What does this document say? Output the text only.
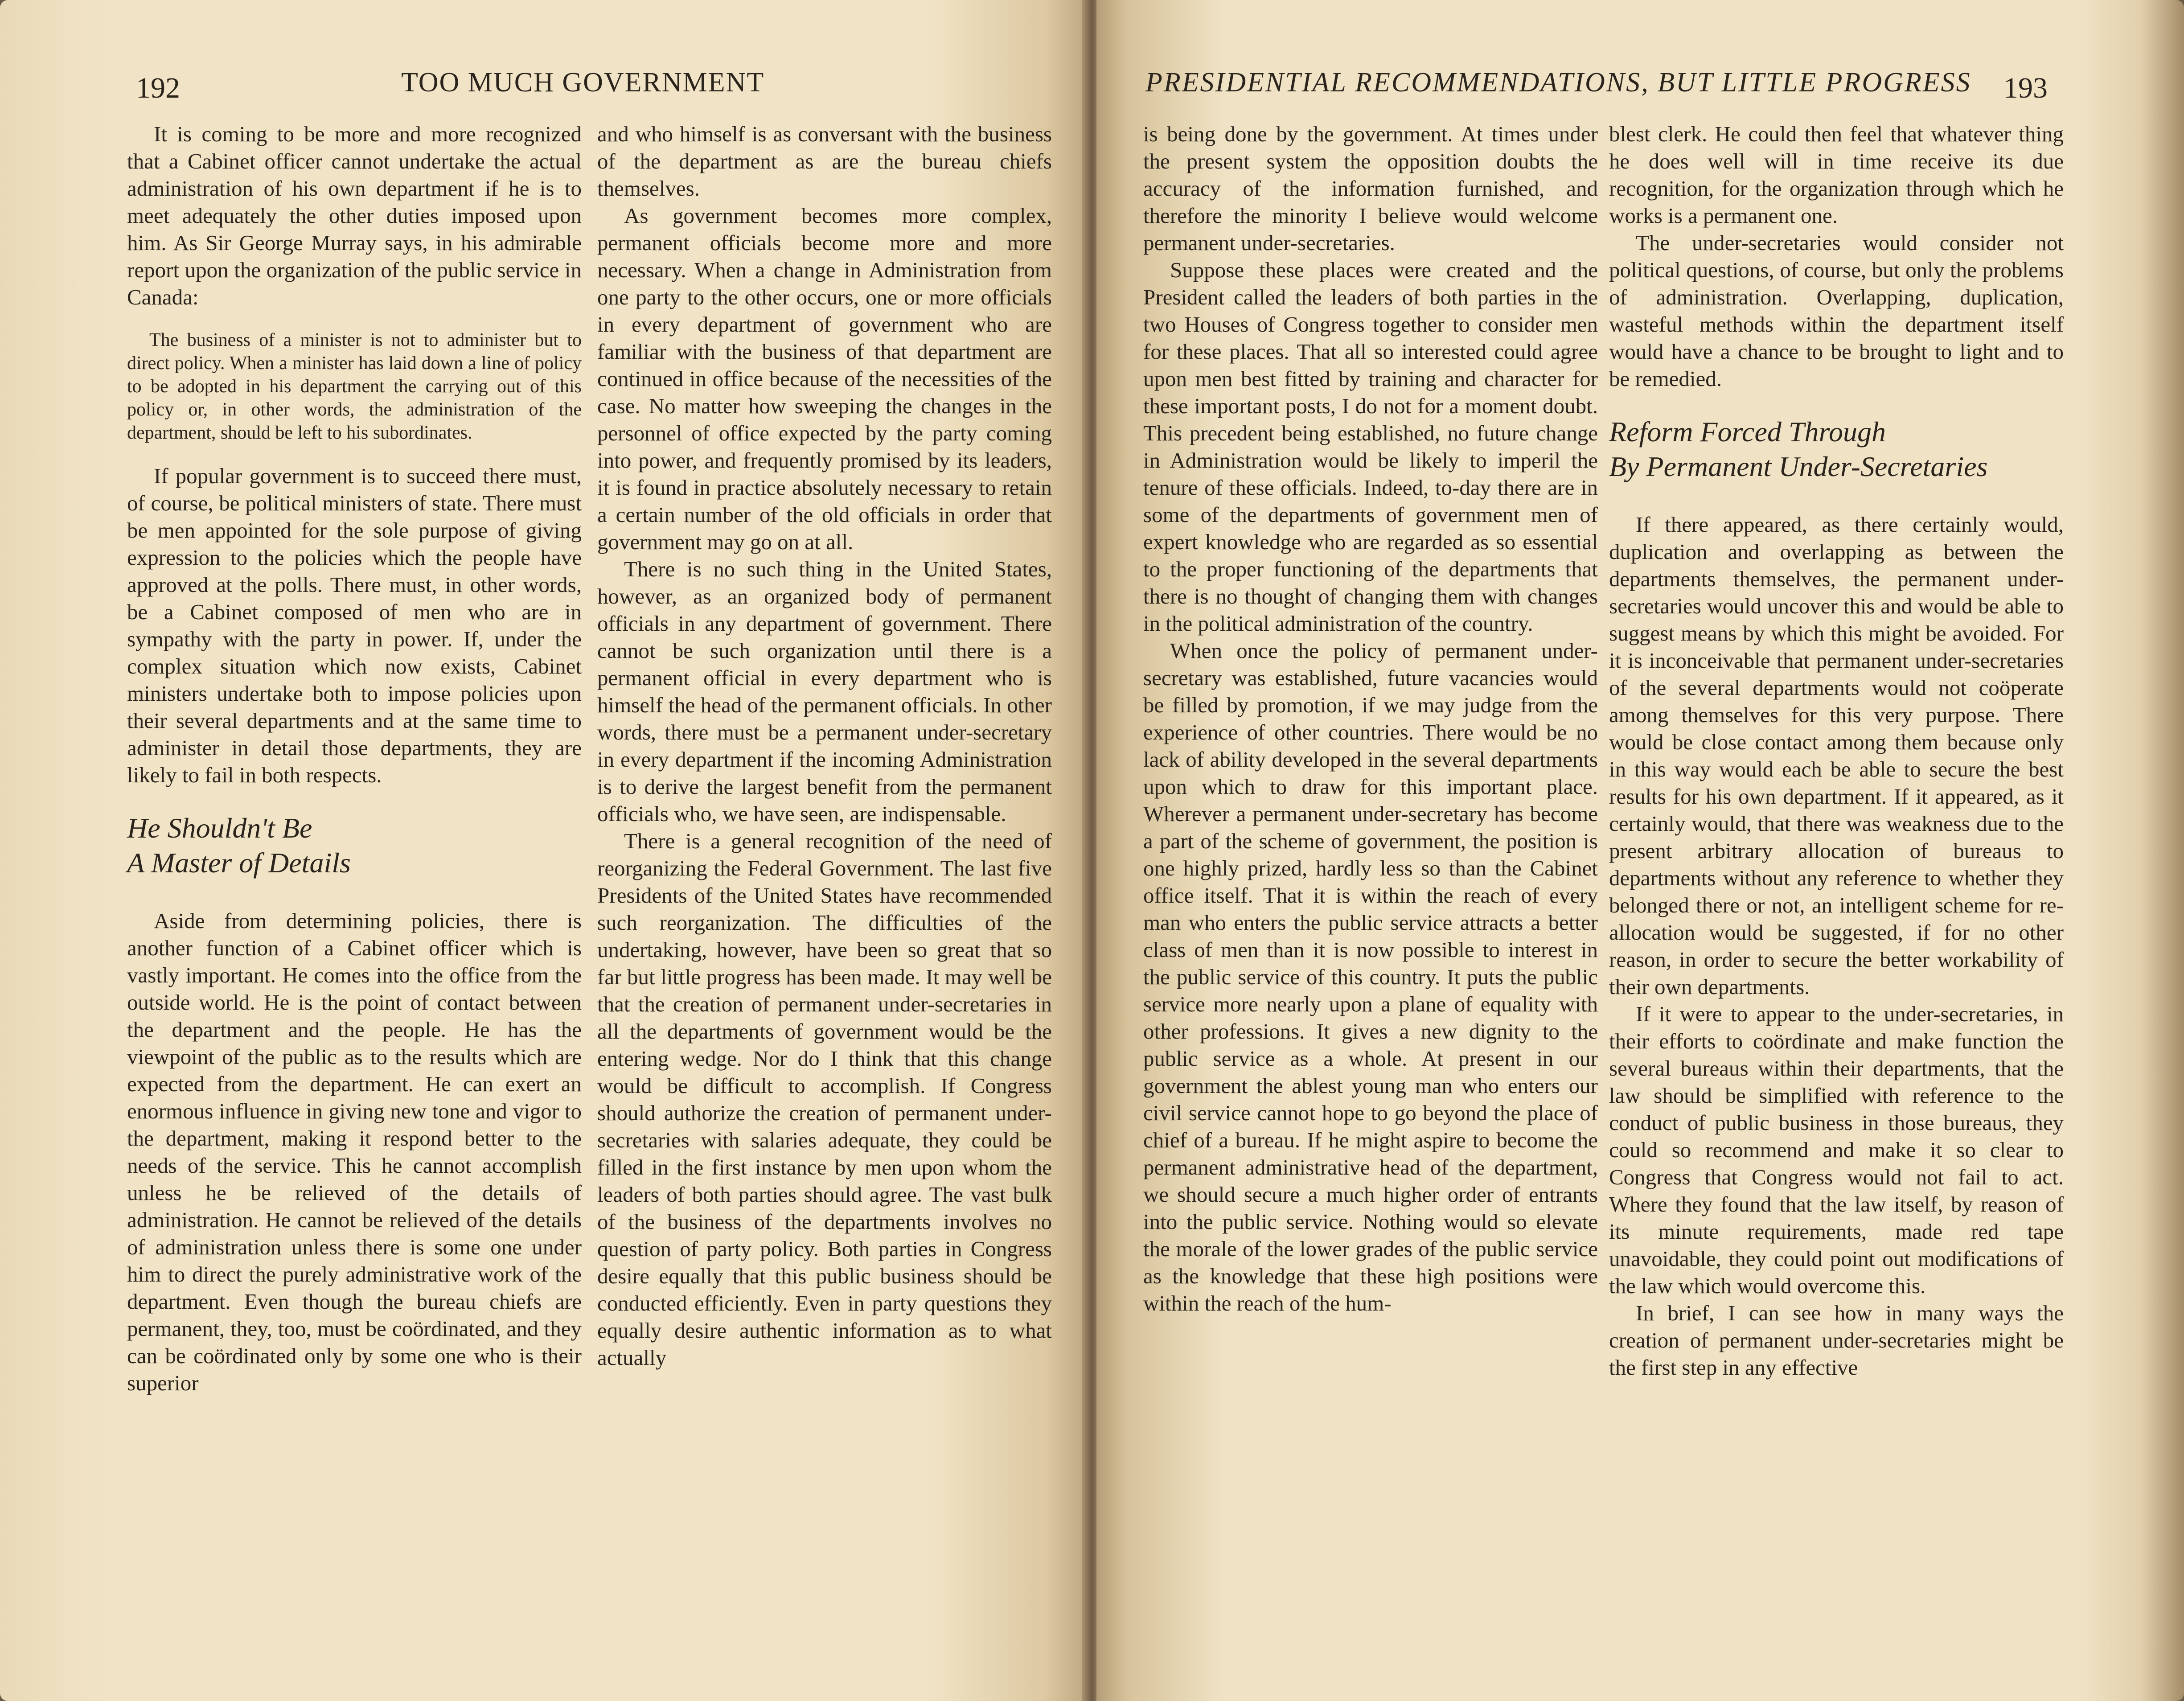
192	TOO MUCH GOVERNMENT

It is coming to be more and more recognized that a Cabinet officer cannot undertake the actual administration of his own department if he is to meet adequately the other duties imposed upon him. As Sir George Murray says, in his admirable report upon the organization of the public service in Canada:

The business of a minister is not to administer but to direct policy. When a minister has laid down a line of policy to be adopted in his department the carrying out of this policy or, in other words, the administration of the department, should be left to his subordinates.

If popular government is to succeed there must, of course, be political ministers of state. There must be men appointed for the sole purpose of giving expression to the policies which the people have approved at the polls. There must, in other words, be a Cabinet composed of men who are in sympathy with the party in power. If, under the complex situation which now exists, Cabinet ministers undertake both to impose policies upon their several departments and at the same time to administer in detail those departments, they are likely to fail in both respects.

He Shouldn't Be
A Master of Details

Aside from determining policies, there is another function of a Cabinet officer which is vastly important. He comes into the office from the outside world. He is the point of contact between the department and the people. He has the viewpoint of the public as to the results which are expected from the department. He can exert an enormous influence in giving new tone and vigor to the department, making it respond better to the needs of the service. This he cannot accomplish unless he be relieved of the details of administration. He cannot be relieved of the details of administration unless there is some one under him to direct the purely administrative work of the department. Even though the bureau chiefs are permanent, they, too, must be coördinated, and they can be coördinated only by some one who is their superior

and who himself is as conversant with the business of the department as are the bureau chiefs themselves.

As government becomes more complex, permanent officials become more and more necessary. When a change in Administration from one party to the other occurs, one or more officials in every department of government who are familiar with the business of that department are continued in office because of the necessities of the case. No matter how sweeping the changes in the personnel of office expected by the party coming into power, and frequently promised by its leaders, it is found in practice absolutely necessary to retain a certain number of the old officials in order that government may go on at all.

There is no such thing in the United States, however, as an organized body of permanent officials in any department of government. There cannot be such organization until there is a permanent official in every department who is himself the head of the permanent officials. In other words, there must be a permanent under-secretary in every department if the incoming Administration is to derive the largest benefit from the permanent officials who, we have seen, are indispensable.

There is a general recognition of the need of reorganizing the Federal Government. The last five Presidents of the United States have recommended such reorganization. The difficulties of the undertaking, however, have been so great that so far but little progress has been made. It may well be that the creation of permanent under-secretaries in all the departments of government would be the entering wedge. Nor do I think that this change would be difficult to accomplish. If Congress should authorize the creation of permanent under-secretaries with salaries adequate, they could be filled in the first instance by men upon whom the leaders of both parties should agree. The vast bulk of the business of the departments involves no question of party policy. Both parties in Congress desire equally that this public business should be conducted efficiently. Even in party questions they equally desire authentic information as to what actually

PRESIDENTIAL RECOMMENDATIONS, BUT LITTLE PROGRESS 193

is being done by the government. At times under the present system the opposition doubts the accuracy of the information furnished, and therefore the minority I believe would welcome permanent under-secretaries.

Suppose these places were created and the President called the leaders of both parties in the two Houses of Congress together to consider men for these places. That all so interested could agree upon men best fitted by training and character for these important posts, I do not for a moment doubt. This precedent being established, no future change in Administration would be likely to imperil the tenure of these officials. Indeed, to-day there are in some of the departments of government men of expert knowledge who are regarded as so essential to the proper functioning of the departments that there is no thought of changing them with changes in the political administration of the country.

When once the policy of permanent under-secretary was established, future vacancies would be filled by promotion, if we may judge from the experience of other countries. There would be no lack of ability developed in the several departments upon which to draw for this important place. Wherever a permanent under-secretary has become a part of the scheme of government, the position is one highly prized, hardly less so than the Cabinet office itself. That it is within the reach of every man who enters the public service attracts a better class of men than it is now possible to interest in the public service of this country. It puts the public service more nearly upon a plane of equality with other professions. It gives a new dignity to the public service as a whole. At present in our government the ablest young man who enters our civil service cannot hope to go beyond the place of chief of a bureau. If he might aspire to become the permanent administrative head of the department, we should secure a much higher order of entrants into the public service. Nothing would so elevate the morale of the lower grades of the public service as the knowledge that these high positions were within the reach of the hum-

blest clerk. He could then feel that whatever thing he does well will in time receive its due recognition, for the organization through which he works is a permanent one.

The under-secretaries would consider not political questions, of course, but only the problems of administration. Overlapping, duplication, wasteful methods within the department itself would have a chance to be brought to light and to be remedied.

Reform Forced Through
By Permanent Under-Secretaries

If there appeared, as there certainly would, duplication and overlapping as between the departments themselves, the permanent under-secretaries would uncover this and would be able to suggest means by which this might be avoided. For it is inconceivable that permanent under-secretaries of the several departments would not coöperate among themselves for this very purpose. There would be close contact among them because only in this way would each be able to secure the best results for his own department. If it appeared, as it certainly would, that there was weakness due to the present arbitrary allocation of bureaus to departments without any reference to whether they belonged there or not, an intelligent scheme for re-allocation would be suggested, if for no other reason, in order to secure the better workability of their own departments.

If it were to appear to the under-secretaries, in their efforts to coördinate and make function the several bureaus within their departments, that the law should be simplified with reference to the conduct of public business in those bureaus, they could so recommend and make it so clear to Congress that Congress would not fail to act. Where they found that the law itself, by reason of its minute requirements, made red tape unavoidable, they could point out modifications of the law which would overcome this.

In brief, I can see how in many ways the creation of permanent under-secretaries might be the first step in any effective
